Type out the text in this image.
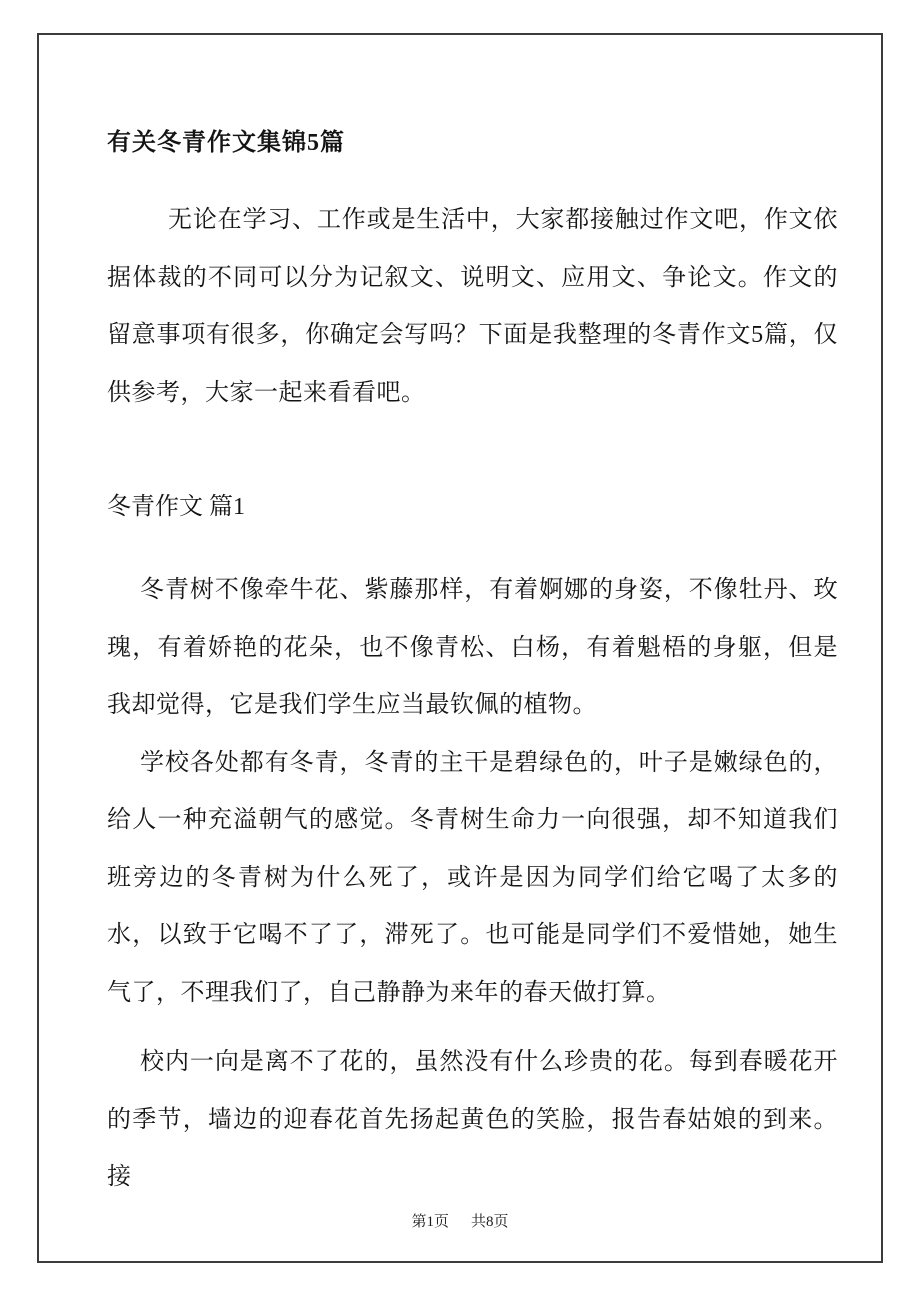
有关冬青作文集锦5篇

无论在学习、工作或是生活中，大家都接触过作文吧，作文依据体裁的不同可以分为记叙文、说明文、应用文、争论文。作文的留意事项有很多，你确定会写吗？下面是我整理的冬青作文5篇，仅供参考，大家一起来看看吧。

冬青作文 篇1

冬青树不像牵牛花、紫藤那样，有着婀娜的身姿，不像牡丹、玫瑰，有着娇艳的花朵，也不像青松、白杨，有着魁梧的身躯，但是我却觉得，它是我们学生应当最钦佩的植物。

学校各处都有冬青，冬青的主干是碧绿色的，叶子是嫩绿色的，给人一种充溢朝气的感觉。冬青树生命力一向很强，却不知道我们班旁边的冬青树为什么死了，或许是因为同学们给它喝了太多的水，以致于它喝不了了，滞死了。也可能是同学们不爱惜她，她生气了，不理我们了，自己静静为来年的春天做打算。

校内一向是离不了花的，虽然没有什么珍贵的花。每到春暖花开的季节，墙边的迎春花首先扬起黄色的笑脸，报告春姑娘的到来。接

第1页 共8页
